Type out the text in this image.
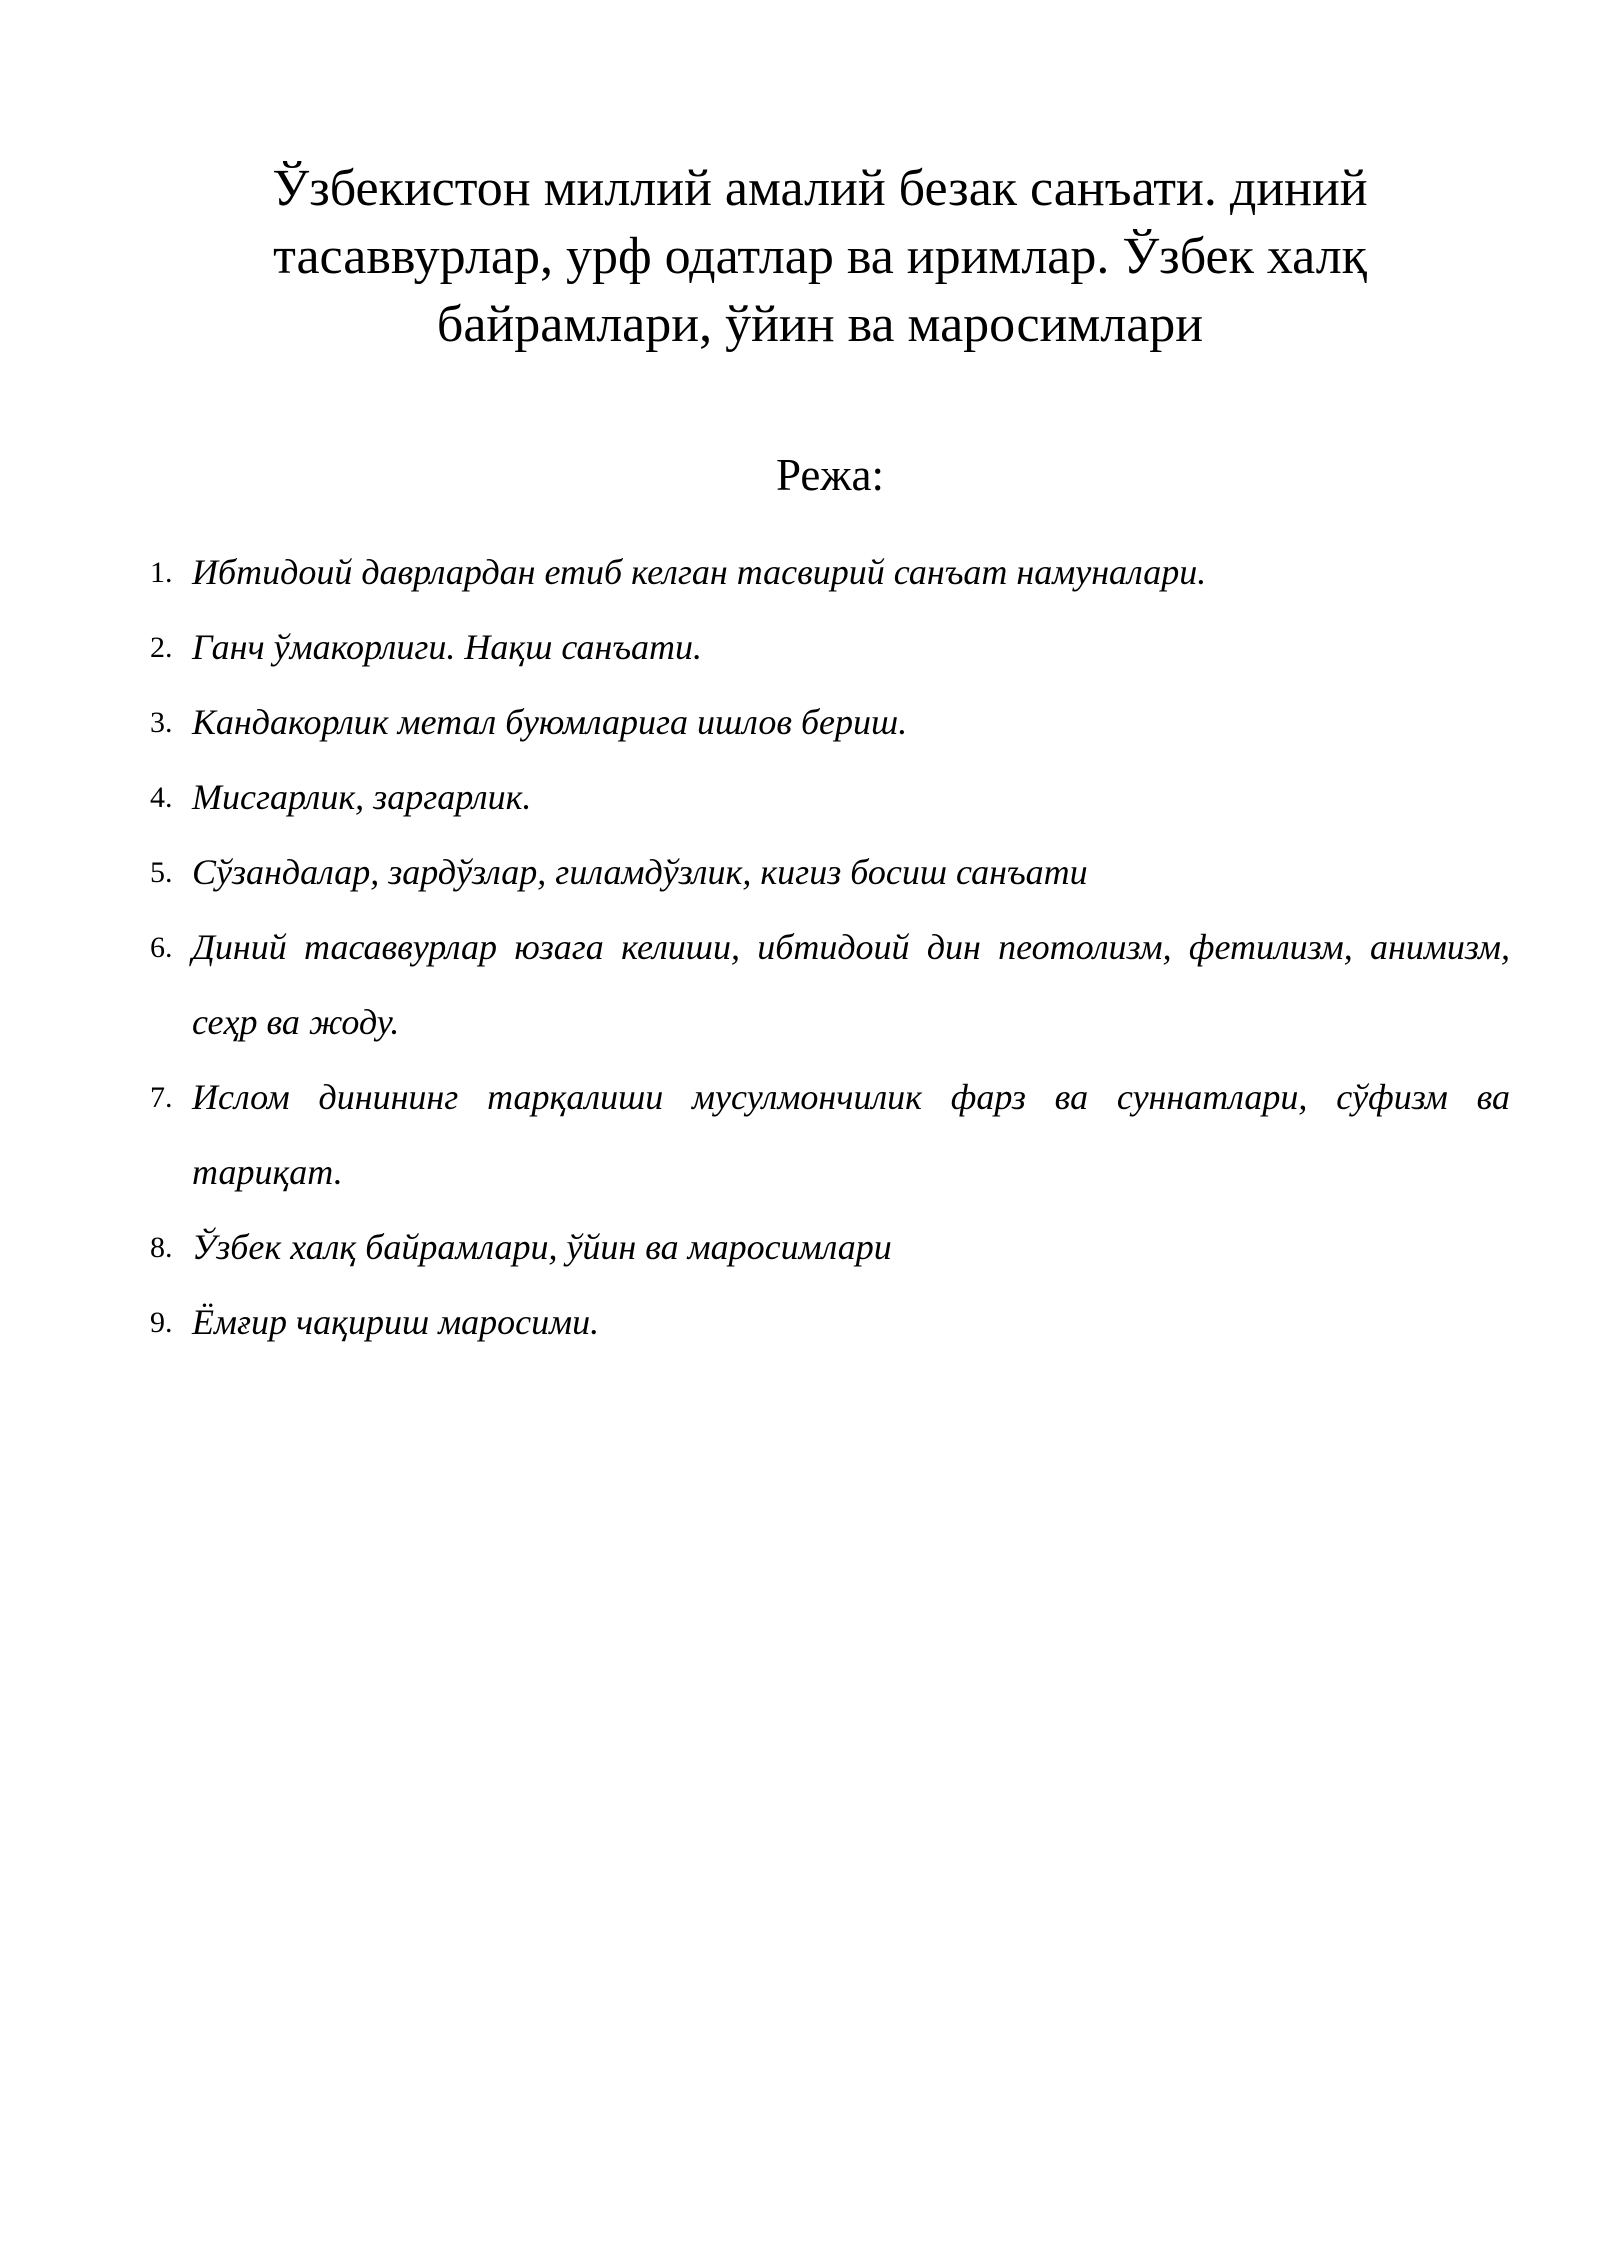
Ўзбекистон миллий амалий безак санъати. диний тасаввурлар, урф одатлар ва иримлар. Ўзбек халқ байрамлари, ўйин ва маросимлари
Режа:
1. Ибтидоий даврлардан етиб келган тасвирий санъат намуналари.
2. Ганч ўмакорлиги. Нақш санъати.
3. Кандакорлик метал буюмларига ишлов бериш.
4. Мисгарлик, заргарлик.
5. Сўзандалар, зардўзлар, гиламдўзлик, кигиз босиш санъати
6. Диний тасаввурлар юзага келиши, ибтидоий дин пеотолизм, фетилизм, анимизм, сеҳр ва жоду.
7. Ислом динининг тарқалиши мусулмончилик фарз ва суннатлари, сўфизм ва тариқат.
8. Ўзбек халқ байрамлари, ўйин ва маросимлари
9. Ёмғир чақириш маросими.
